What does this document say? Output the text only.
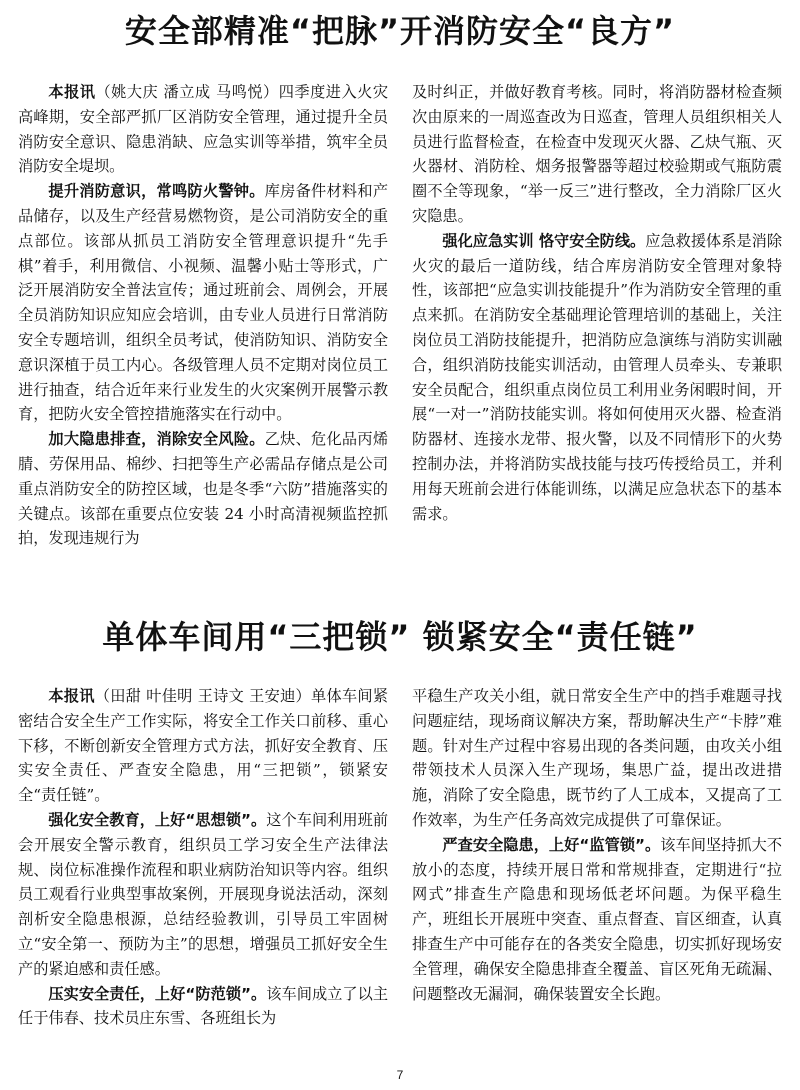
安全部精准“把脉”开消防安全“良方”

本报讯（姚大庆 潘立成 马鸣悦）四季度进入火灾高峰期，安全部严抓厂区消防安全管理，通过提升全员消防安全意识、隐患消缺、应急实训等举措，筑牢全员消防安全堤坝。

提升消防意识，常鸣防火警钟。库房备件材料和产品储存，以及生产经营易燃物资，是公司消防安全的重点部位。该部从抓员工消防安全管理意识提升“先手棋”着手，利用微信、小视频、温馨小贴士等形式，广泛开展消防安全普法宣传；通过班前会、周例会，开展全员消防知识应知应会培训，由专业人员进行日常消防安全专题培训，组织全员考试，使消防知识、消防安全意识深植于员工内心。各级管理人员不定期对岗位员工进行抽查，结合近年来行业发生的火灾案例开展警示教育，把防火安全管控措施落实在行动中。

加大隐患排查，消除安全风险。乙炔、危化品丙烯腈、劳保用品、棉纱、扫把等生产必需品存储点是公司重点消防安全的防控区域，也是冬季“六防”措施落实的关键点。该部在重要点位安装 24 小时高清视频监控抓拍，发现违规行为

及时纠正，并做好教育考核。同时，将消防器材检查频次由原来的一周巡查改为日巡查，管理人员组织相关人员进行监督检查，在检查中发现灭火器、乙炔气瓶、灭火器材、消防栓、烟务报警器等超过校验期或气瓶防震圈不全等现象，“举一反三”进行整改，全力消除厂区火灾隐患。

强化应急实训 恪守安全防线。应急救援体系是消除火灾的最后一道防线，结合库房消防安全管理对象特性，该部把“应急实训技能提升”作为消防安全管理的重点来抓。在消防安全基础理论管理培训的基础上，关注岗位员工消防技能提升，把消防应急演练与消防实训融合，组织消防技能实训活动，由管理人员牵头、专兼职安全员配合，组织重点岗位员工利用业务闲暇时间，开展“一对一”消防技能实训。将如何使用灭火器、检查消防器材、连接水龙带、报火警，以及不同情形下的火势控制办法，并将消防实战技能与技巧传授给员工，并利用每天班前会进行体能训练，以满足应急状态下的基本需求。

单体车间用“三把锁” 锁紧安全“责任链”

本报讯（田甜 叶佳明 王诗文 王安迪）单体车间紧密结合安全生产工作实际，将安全工作关口前移、重心下移，不断创新安全管理方式方法，抓好安全教育、压实安全责任、严查安全隐患，用“三把锁”，锁紧安全“责任链”。

强化安全教育，上好“思想锁”。这个车间利用班前会开展安全警示教育，组织员工学习安全生产法律法规、岗位标准操作流程和职业病防治知识等内容。组织员工观看行业典型事故案例，开展现身说法活动，深刻剖析安全隐患根源，总结经验教训，引导员工牢固树立“安全第一、预防为主”的思想，增强员工抓好安全生产的紧迫感和责任感。

压实安全责任，上好“防范锁”。该车间成立了以主任于伟春、技术员庄东雪、各班组长为

平稳生产攻关小组，就日常安全生产中的挡手难题寻找问题症结，现场商议解决方案，帮助解决生产“卡脖”难题。针对生产过程中容易出现的各类问题，由攻关小组带领技术人员深入生产现场，集思广益，提出改进措施，消除了安全隐患，既节约了人工成本，又提高了工作效率，为生产任务高效完成提供了可靠保证。

严查安全隐患，上好“监管锁”。该车间坚持抓大不放小的态度，持续开展日常和常规排查，定期进行“拉网式”排查生产隐患和现场低老坏问题。为保平稳生产，班组长开展班中突查、重点督查、盲区细查，认真排查生产中可能存在的各类安全隐患，切实抓好现场安全管理，确保安全隐患排查全覆盖、盲区死角无疏漏、问题整改无漏洞，确保装置安全长跑。

7
